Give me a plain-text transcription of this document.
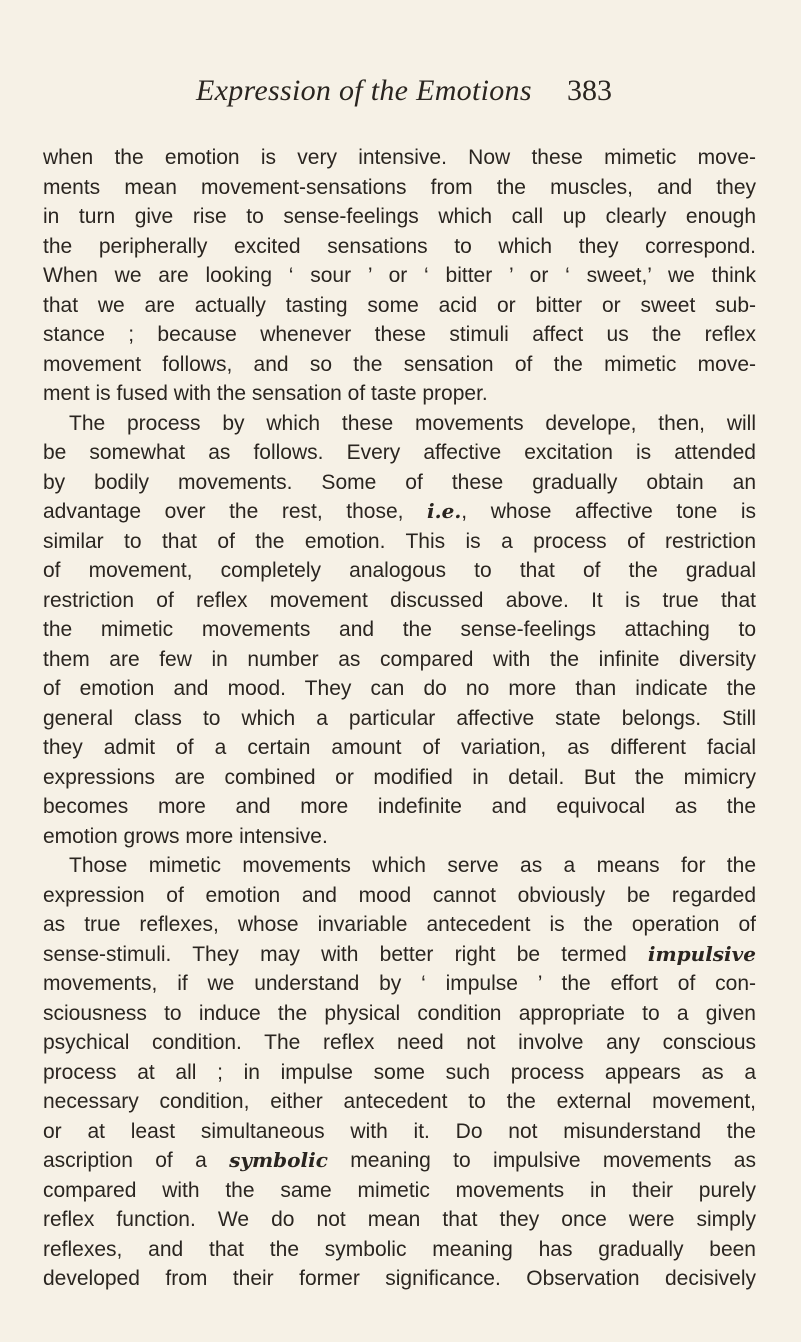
Expression of the Emotions 383
when the emotion is very intensive. Now these mimetic move-
ments mean movement-sensations from the muscles, and they
in turn give rise to sense-feelings which call up clearly enough
the peripherally excited sensations to which they correspond.
When we are looking ‘ sour ’ or ‘ bitter ’ or ‘ sweet,’ we think
that we are actually tasting some acid or bitter or sweet sub-
stance ; because whenever these stimuli affect us the reflex
movement follows, and so the sensation of the mimetic move-
ment is fused with the sensation of taste proper.
The process by which these movements develope, then, will
be somewhat as follows. Every affective excitation is attended
by bodily movements. Some of these gradually obtain an
advantage over the rest, those, i.e., whose affective tone is
similar to that of the emotion. This is a process of restriction
of movement, completely analogous to that of the gradual
restriction of reflex movement discussed above. It is true that
the mimetic movements and the sense-feelings attaching to
them are few in number as compared with the infinite diversity
of emotion and mood. They can do no more than indicate the
general class to which a particular affective state belongs. Still
they admit of a certain amount of variation, as different facial
expressions are combined or modified in detail. But the mimicry
becomes more and more indefinite and equivocal as the
emotion grows more intensive.
Those mimetic movements which serve as a means for the
expression of emotion and mood cannot obviously be regarded
as true reflexes, whose invariable antecedent is the operation of
sense-stimuli. They may with better right be termed impulsive
movements, if we understand by ‘ impulse ’ the effort of con-
sciousness to induce the physical condition appropriate to a given
psychical condition. The reflex need not involve any conscious
process at all ; in impulse some such process appears as a
necessary condition, either antecedent to the external movement,
or at least simultaneous with it. Do not misunderstand the
ascription of a symbolic meaning to impulsive movements as
compared with the same mimetic movements in their purely
reflex function. We do not mean that they once were simply
reflexes, and that the symbolic meaning has gradually been
developed from their former significance. Observation decisively
